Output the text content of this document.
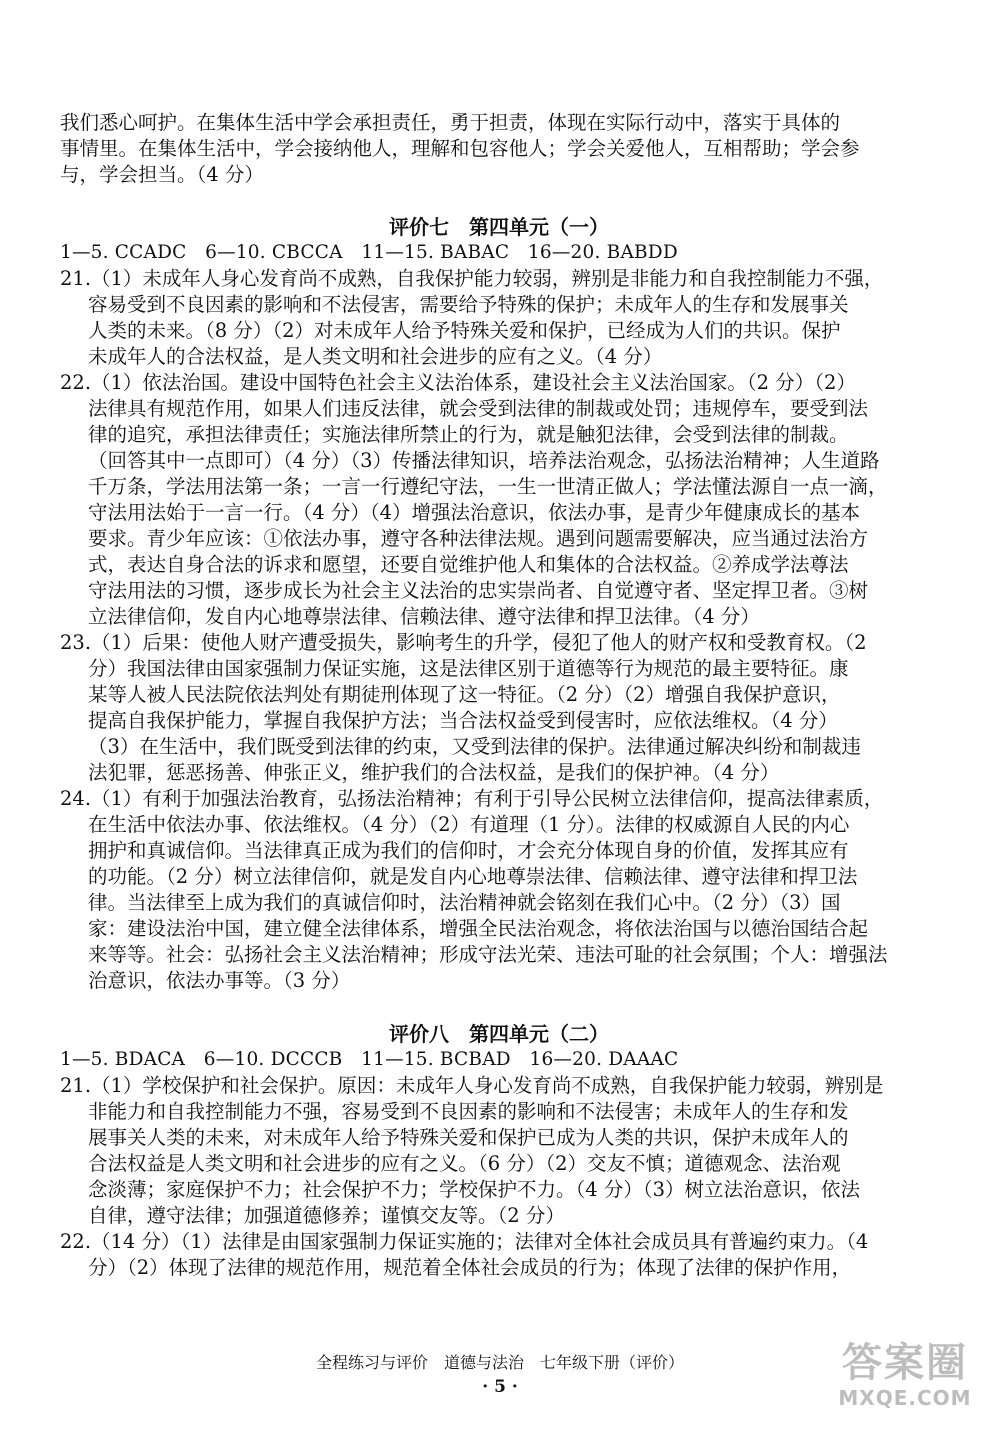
我们悉心呵护。在集体生活中学会承担责任，勇于担责，体现在实际行动中，落实于具体的
事情里。在集体生活中，学会接纳他人，理解和包容他人；学会关爱他人，互相帮助；学会参
与，学会担当。（4 分）
评价七　第四单元（一）
1—5. CCADC　6—10. CBCCA　11—15. BABAC　16—20. BABDD
21.（1）未成年人身心发育尚不成熟，自我保护能力较弱，辨别是非能力和自我控制能力不强，
容易受到不良因素的影响和不法侵害，需要给予特殊的保护；未成年人的生存和发展事关
人类的未来。（8 分）（2）对未成年人给予特殊关爱和保护，已经成为人们的共识。保护
未成年人的合法权益，是人类文明和社会进步的应有之义。（4 分）
22.（1）依法治国。建设中国特色社会主义法治体系，建设社会主义法治国家。（2 分）（2）
法律具有规范作用，如果人们违反法律，就会受到法律的制裁或处罚；违规停车，要受到法
律的追究，承担法律责任；实施法律所禁止的行为，就是触犯法律，会受到法律的制裁。
（回答其中一点即可）（4 分）（3）传播法律知识，培养法治观念，弘扬法治精神；人生道路
千万条，学法用法第一条；一言一行遵纪守法，一生一世清正做人；学法懂法源自一点一滴，
守法用法始于一言一行。（4 分）（4）增强法治意识，依法办事，是青少年健康成长的基本
要求。青少年应该：①依法办事，遵守各种法律法规。遇到问题需要解决，应当通过法治方
式，表达自身合法的诉求和愿望，还要自觉维护他人和集体的合法权益。②养成学法尊法
守法用法的习惯，逐步成长为社会主义法治的忠实崇尚者、自觉遵守者、坚定捍卫者。③树
立法律信仰，发自内心地尊崇法律、信赖法律、遵守法律和捍卫法律。（4 分）
23.（1）后果：使他人财产遭受损失，影响考生的升学，侵犯了他人的财产权和受教育权。（2
分）我国法律由国家强制力保证实施，这是法律区别于道德等行为规范的最主要特征。康
某等人被人民法院依法判处有期徒刑体现了这一特征。（2 分）（2）增强自我保护意识，
提高自我保护能力，掌握自我保护方法；当合法权益受到侵害时，应依法维权。（4 分）
（3）在生活中，我们既受到法律的约束，又受到法律的保护。法律通过解决纠纷和制裁违
法犯罪，惩恶扬善、伸张正义，维护我们的合法权益，是我们的保护神。（4 分）
24.（1）有利于加强法治教育，弘扬法治精神；有利于引导公民树立法律信仰，提高法律素质，
在生活中依法办事、依法维权。（4 分）（2）有道理（1 分）。法律的权威源自人民的内心
拥护和真诚信仰。当法律真正成为我们的信仰时，才会充分体现自身的价值，发挥其应有
的功能。（2 分）树立法律信仰，就是发自内心地尊崇法律、信赖法律、遵守法律和捍卫法
律。当法律至上成为我们的真诚信仰时，法治精神就会铭刻在我们心中。（2 分）（3）国
家：建设法治中国，建立健全法律体系，增强全民法治观念，将依法治国与以德治国结合起
来等等。社会：弘扬社会主义法治精神；形成守法光荣、违法可耻的社会氛围；个人：增强法
治意识，依法办事等。（3 分）
评价八　第四单元（二）
1—5. BDACA　6—10. DCCCB　11—15. BCBAD　16—20. DAAAC
21.（1）学校保护和社会保护。原因：未成年人身心发育尚不成熟，自我保护能力较弱，辨别是
非能力和自我控制能力不强，容易受到不良因素的影响和不法侵害；未成年人的生存和发
展事关人类的未来，对未成年人给予特殊关爱和保护已成为人类的共识，保护未成年人的
合法权益是人类文明和社会进步的应有之义。（6 分）（2）交友不慎；道德观念、法治观
念淡薄；家庭保护不力；社会保护不力；学校保护不力。（4 分）（3）树立法治意识，依法
自律，遵守法律；加强道德修养；谨慎交友等。（2 分）
22.（14 分）（1）法律是由国家强制力保证实施的；法律对全体社会成员具有普遍约束力。（4
分）（2）体现了法律的规范作用，规范着全体社会成员的行为；体现了法律的保护作用，
全程练习与评价　道德与法治　七年级下册（评价）
· 5 ·
答案圈
MXQE.COM
